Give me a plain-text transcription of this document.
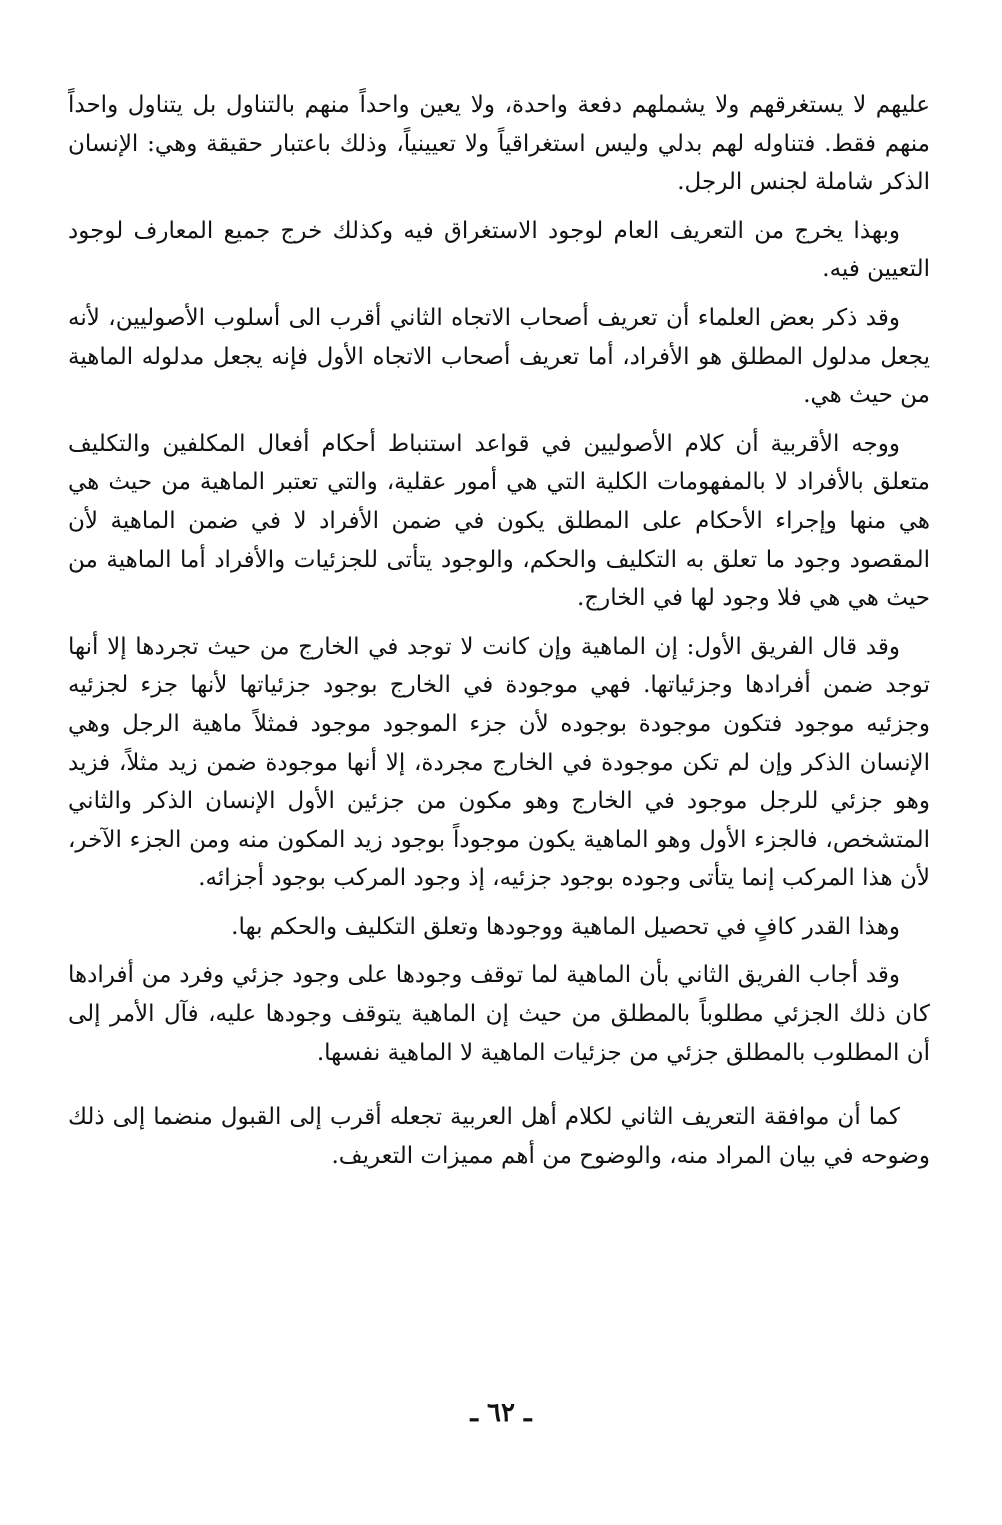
عليهم لا يستغرقهم ولا يشملهم دفعة واحدة، ولا يعين واحداً منهم بالتناول بل يتناول واحداً منهم فقط. فتناوله لهم بدلي وليس استغراقياً ولا تعيينياً، وذلك باعتبار حقيقة وهي: الإنسان الذكر شاملة لجنس الرجل.

وبهذا يخرج من التعريف العام لوجود الاستغراق فيه وكذلك خرج جميع المعارف لوجود التعيين فيه.

وقد ذكر بعض العلماء أن تعريف أصحاب الاتجاه الثاني أقرب الى أسلوب الأصوليين، لأنه يجعل مدلول المطلق هو الأفراد، أما تعريف أصحاب الاتجاه الأول فإنه يجعل مدلوله الماهية من حيث هي.

ووجه الأقربية أن كلام الأصوليين في قواعد استنباط أحكام أفعال المكلفين والتكليف متعلق بالأفراد لا بالمفهومات الكلية التي هي أمور عقلية، والتي تعتبر الماهية من حيث هي هي منها وإجراء الأحكام على المطلق يكون في ضمن الأفراد لا في ضمن الماهية لأن المقصود وجود ما تعلق به التكليف والحكم، والوجود يتأتى للجزئيات والأفراد أما الماهية من حيث هي هي فلا وجود لها في الخارج.

وقد قال الفريق الأول: إن الماهية وإن كانت لا توجد في الخارج من حيث تجردها إلا أنها توجد ضمن أفرادها وجزئياتها. فهي موجودة في الخارج بوجود جزئياتها لأنها جزء لجزئيه وجزئيه موجود فتكون موجودة بوجوده لأن جزء الموجود موجود فمثلاً ماهية الرجل وهي الإنسان الذكر وإن لم تكن موجودة في الخارج مجردة، إلا أنها موجودة ضمن زيد مثلاً، فزيد وهو جزئي للرجل موجود في الخارج وهو مكون من جزئين الأول الإنسان الذكر والثاني المتشخص، فالجزء الأول وهو الماهية يكون موجوداً بوجود زيد المكون منه ومن الجزء الآخر، لأن هذا المركب إنما يتأتى وجوده بوجود جزئيه، إذ وجود المركب بوجود أجزائه.

وهذا القدر كافٍ في تحصيل الماهية ووجودها وتعلق التكليف والحكم بها.

وقد أجاب الفريق الثاني بأن الماهية لما توقف وجودها على وجود جزئي وفرد من أفرادها كان ذلك الجزئي مطلوباً بالمطلق من حيث إن الماهية يتوقف وجودها عليه، فآل الأمر إلى أن المطلوب بالمطلق جزئي من جزئيات الماهية لا الماهية نفسها.

كما أن موافقة التعريف الثاني لكلام أهل العربية تجعله أقرب إلى القبول منضما إلى ذلك وضوحه في بيان المراد منه، والوضوح من أهم مميزات التعريف.

ـ ٦٢ ـ
